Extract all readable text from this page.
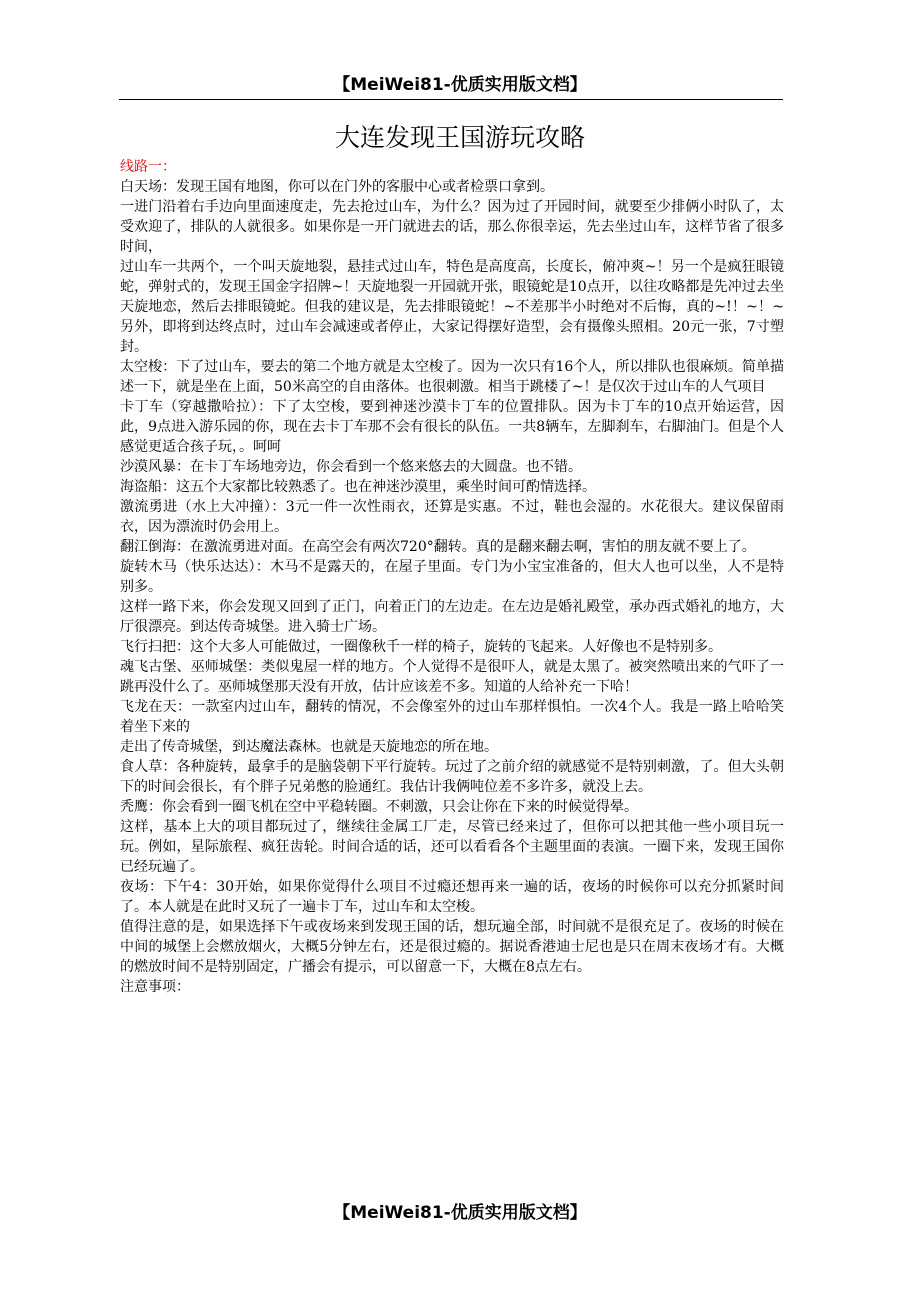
【MeiWei81-优质实用版文档】
大连发现王国游玩攻略

线路一：

白天场：发现王国有地图，你可以在门外的客服中心或者检票口拿到。

一进门沿着右手边向里面速度走，先去抢过山车，为什么？因为过了开园时间，就要至少排俩小时队了，太受欢迎了，排队的人就很多。如果你是一开门就进去的话，那么你很幸运，先去坐过山车，这样节省了很多时间，

过山车一共两个，一个叫天旋地裂，悬挂式过山车，特色是高度高，长度长，俯冲爽~！另一个是疯狂眼镜蛇，弹射式的，发现王国金字招牌~！天旋地裂一开园就开张，眼镜蛇是10点开，以往攻略都是先冲过去坐天旋地恋，然后去排眼镜蛇。但我的建议是，先去排眼镜蛇！~不差那半小时绝对不后悔，真的~!！~！~另外，即将到达终点时，过山车会减速或者停止，大家记得摆好造型，会有摄像头照相。20元一张，7寸塑封。

太空梭：下了过山车，要去的第二个地方就是太空梭了。因为一次只有16个人，所以排队也很麻烦。简单描述一下，就是坐在上面，50米高空的自由落体。也很刺激。相当于跳楼了~！是仅次于过山车的人气项目

卡丁车（穿越撒哈拉）：下了太空梭，要到神迷沙漠卡丁车的位置排队。因为卡丁车的10点开始运营，因此，9点进入游乐园的你，现在去卡丁车那不会有很长的队伍。一共8辆车，左脚刹车，右脚油门。但是个人感觉更适合孩子玩，。呵呵

沙漠风暴：在卡丁车场地旁边，你会看到一个悠来悠去的大圆盘。也不错。

海盗船：这五个大家都比较熟悉了。也在神迷沙漠里，乘坐时间可酌情选择。

激流勇进（水上大冲撞）：3元一件一次性雨衣，还算是实惠。不过，鞋也会湿的。水花很大。建议保留雨衣，因为漂流时仍会用上。

翻江倒海：在激流勇进对面。在高空会有两次720°翻转。真的是翻来翻去啊，害怕的朋友就不要上了。

旋转木马（快乐达达）：木马不是露天的，在屋子里面。专门为小宝宝准备的，但大人也可以坐，人不是特别多。

这样一路下来，你会发现又回到了正门，向着正门的左边走。在左边是婚礼殿堂，承办西式婚礼的地方，大厅很漂亮。到达传奇城堡。进入骑士广场。

飞行扫把：这个大多人可能做过，一圈像秋千一样的椅子，旋转的飞起来。人好像也不是特别多。

魂飞古堡、巫师城堡：类似鬼屋一样的地方。个人觉得不是很吓人，就是太黑了。被突然喷出来的气吓了一跳再没什么了。巫师城堡那天没有开放，估计应该差不多。知道的人给补充一下哈！

飞龙在天：一款室内过山车，翻转的情况，不会像室外的过山车那样惧怕。一次4个人。我是一路上哈哈笑着坐下来的

走出了传奇城堡，到达魔法森林。也就是天旋地恋的所在地。

食人草：各种旋转，最拿手的是脑袋朝下平行旋转。玩过了之前介绍的就感觉不是特别刺激，了。但大头朝下的时间会很长，有个胖子兄弟憋的脸通红。我估计我俩吨位差不多许多，就没上去。

秃鹰：你会看到一圈飞机在空中平稳转圈。不刺激，只会让你在下来的时候觉得晕。

这样，基本上大的项目都玩过了，继续往金属工厂走，尽管已经来过了，但你可以把其他一些小项目玩一玩。例如，星际旅程、疯狂齿轮。时间合适的话，还可以看看各个主题里面的表演。一圈下来，发现王国你已经玩遍了。

夜场：下午4：30开始，如果你觉得什么项目不过瘾还想再来一遍的话，夜场的时候你可以充分抓紧时间了。本人就是在此时又玩了一遍卡丁车，过山车和太空梭。

值得注意的是，如果选择下午或夜场来到发现王国的话，想玩遍全部，时间就不是很充足了。夜场的时候在中间的城堡上会燃放烟火，大概5分钟左右，还是很过瘾的。据说香港迪士尼也是只在周末夜场才有。大概的燃放时间不是特别固定，广播会有提示，可以留意一下，大概在8点左右。

注意事项：

【MeiWei81-优质实用版文档】
